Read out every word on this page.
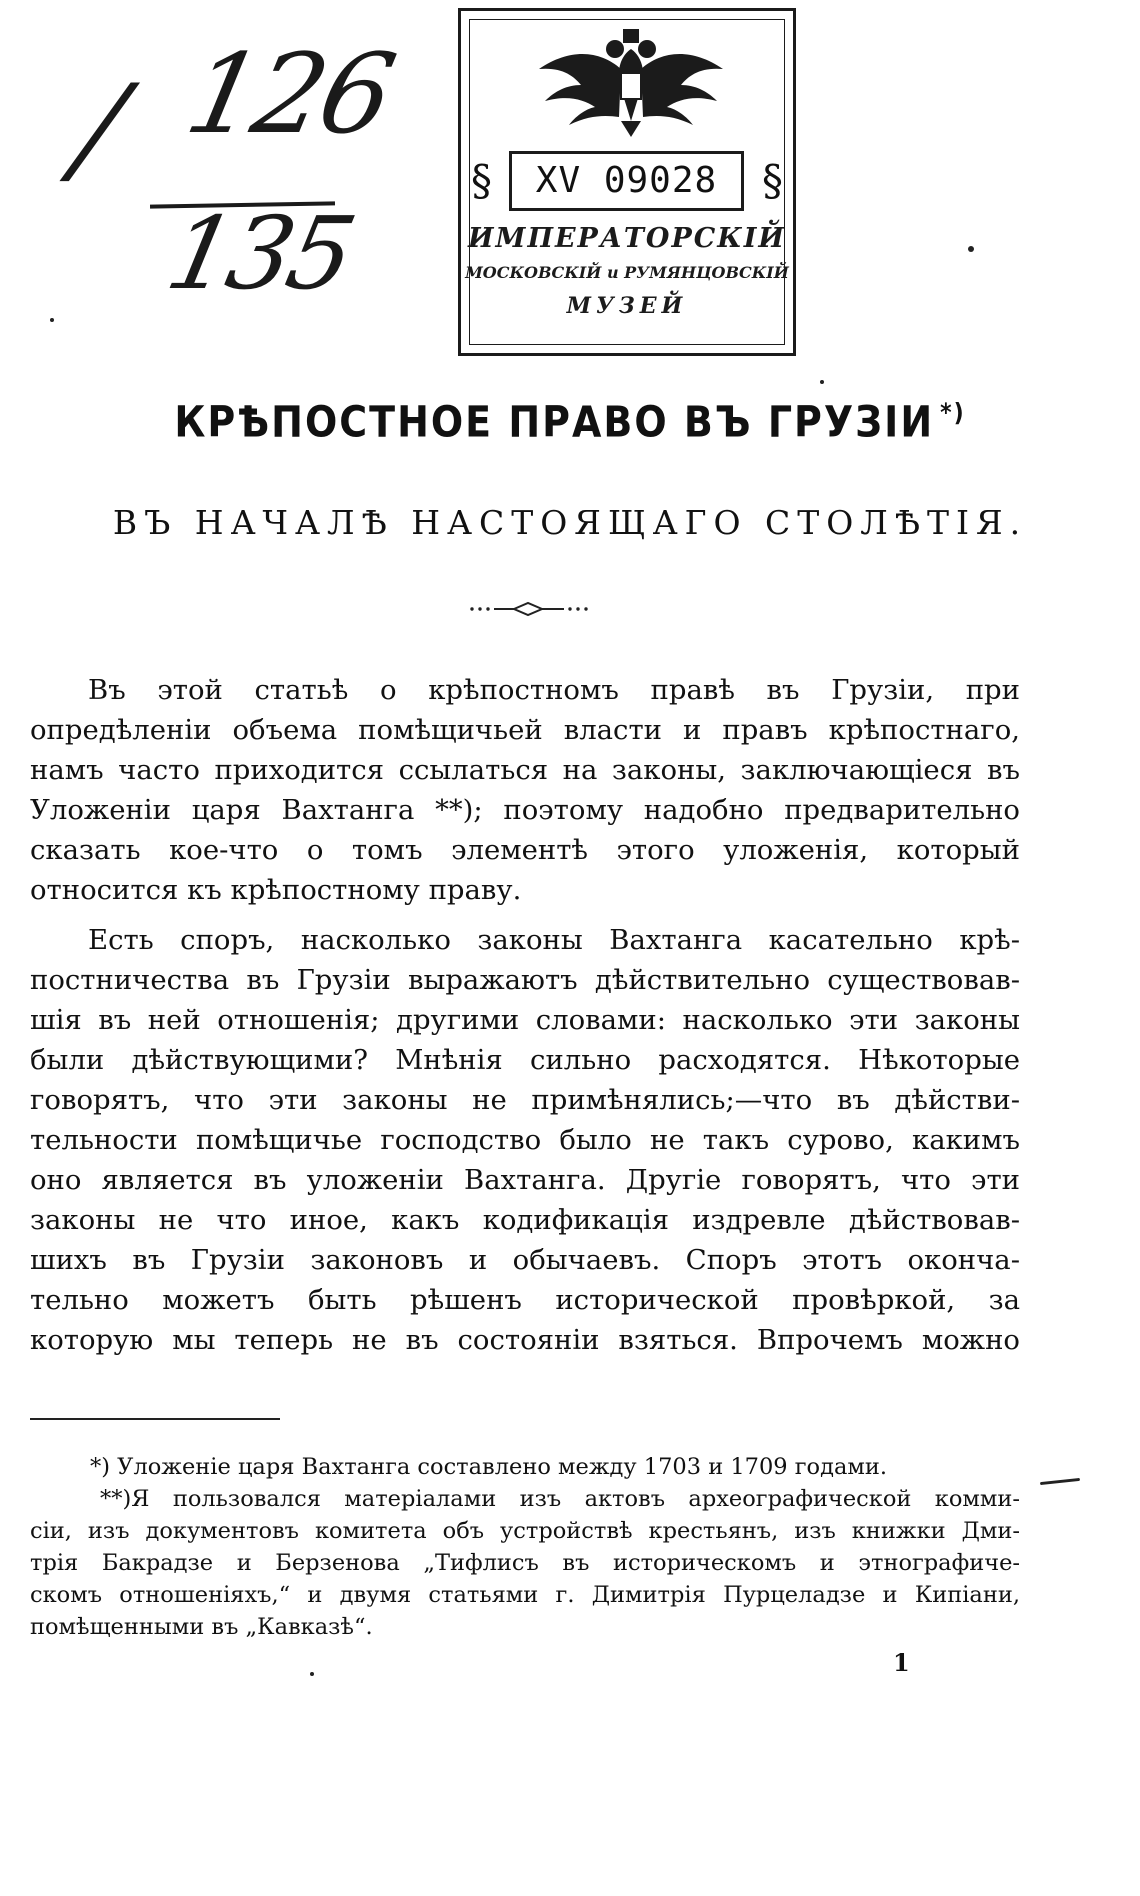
/ 126
135
§	XV 09028	§
ИМПЕРАТОРСКІЙ
МОСКОВСКІЙ и РУМЯНЦОВСКІЙ
МУЗЕЙ
КРѢПОСТНОЕ ПРАВО ВЪ ГРУЗІИ *)
ВЪ НАЧАЛѢ НАСТОЯЩАГО СТОЛѢТІЯ.
Въ этой статьѣ о крѣпостномъ правѣ въ Грузіи, при
опредѣленіи объема помѣщичьей власти и правъ крѣпостнаго,
намъ часто приходится ссылаться на законы, заключающіеся въ
Уложеніи царя Вахтанга **); поэтому надобно предварительно
сказать кое-что о томъ элементѣ этого уложенія, который
относится къ крѣпостному праву.
Есть споръ, насколько законы Вахтанга касательно крѣ-
постничества въ Грузіи выражаютъ дѣйствительно существовав-
шія въ ней отношенія; другими словами: насколько эти законы
были дѣйствующими? Мнѣнія сильно расходятся. Нѣкоторые
говорятъ, что эти законы не примѣнялись;—что въ дѣйстви-
тельности помѣщичье господство было не такъ сурово, какимъ
оно является въ уложеніи Вахтанга. Другіе говорятъ, что эти
законы не что иное, какъ кодификація издревле дѣйствовав-
шихъ въ Грузіи законовъ и обычаевъ. Споръ этотъ оконча-
тельно можетъ быть рѣшенъ исторической провѣркой, за
которую мы теперь не въ состояніи взяться. Впрочемъ можно
*) Уложеніе царя Вахтанга составлено между 1703 и 1709 годами.
**)Я пользовался матеріалами изъ актовъ археографической комми-
сіи, изъ документовъ комитета объ устройствѣ крестьянъ, изъ книжки Дми-
трія Бакрадзе и Берзенова „Тифлисъ въ историческомъ и этнографиче-
скомъ отношеніяхъ,“ и двумя статьями г. Димитрія Пурцеладзе и Кипіани,
помѣщенными въ „Кавказѣ“.
1
